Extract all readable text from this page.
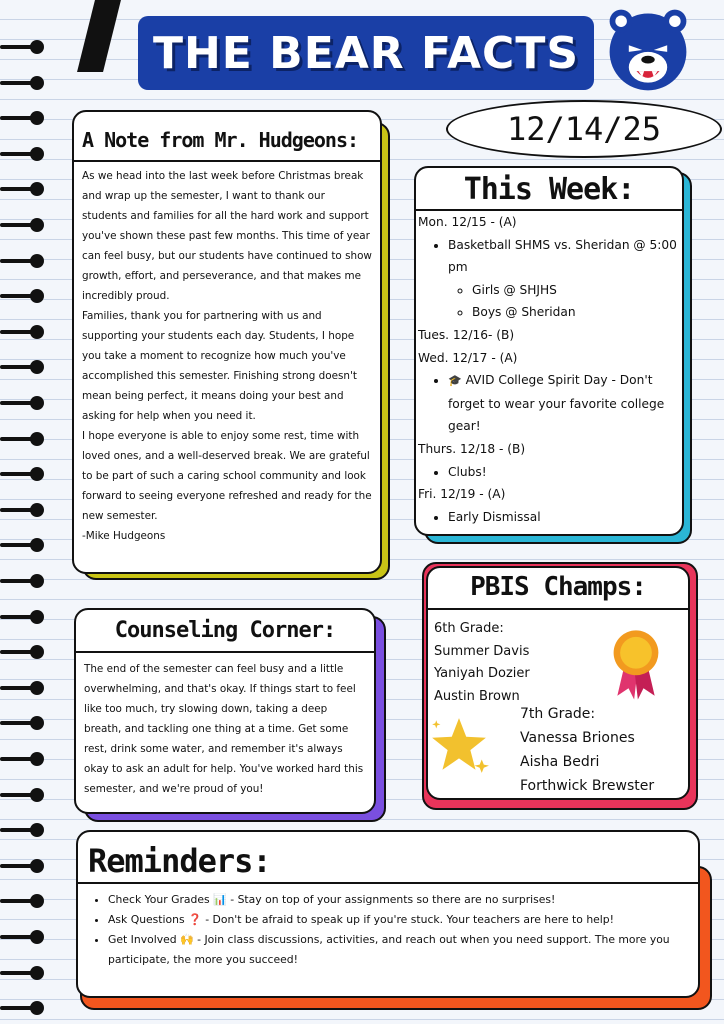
THE BEAR FACTS
12/14/25
A Note from Mr. Hudgeons:

As we head into the last week before Christmas break and wrap up the semester, I want to thank our students and families for all the hard work and support you've shown these past few months. This time of year can feel busy, but our students have continued to show growth, effort, and perseverance, and that makes me incredibly proud.

Families, thank you for partnering with us and supporting your students each day. Students, I hope you take a moment to recognize how much you've accomplished this semester. Finishing strong doesn't mean being perfect, it means doing your best and asking for help when you need it.

I hope everyone is able to enjoy some rest, time with loved ones, and a well-deserved break. We are grateful to be part of such a caring school community and look forward to seeing everyone refreshed and ready for the new semester.

-Mike Hudgeons

This Week:

Mon. 12/15 - (A)

• Basketball SHMS vs. Sheridan @ 5:00 pm
◦ Girls @ SHJHS
◦ Boys @ Sheridan

Tues. 12/16- (B)

Wed. 12/17 - (A)

• 🎓 AVID College Spirit Day - Don't forget to wear your favorite college gear!

Thurs. 12/18 - (B)

• Clubs!

Fri. 12/19 - (A)

• Early Dismissal
Counseling Corner:
The end of the semester can feel busy and a little overwhelming, and that's okay. If things start to feel like too much, try slowing down, taking a deep breath, and tackling one thing at a time. Get some rest, drink some water, and remember it's always okay to ask an adult for help. You've worked hard this semester, and we're proud of you!
PBIS Champs:
6th Grade:
Summer Davis
Yaniyah Dozier
Austin Brown
7th Grade:
Vanessa Briones
Aisha Bedri
Forthwick Brewster
Reminders:
• Check Your Grades 📊 - Stay on top of your assignments so there are no surprises!
• Ask Questions ❓ - Don't be afraid to speak up if you're stuck. Your teachers are here to help!
• Get Involved 🙌 - Join class discussions, activities, and reach out when you need support. The more you participate, the more you succeed!
